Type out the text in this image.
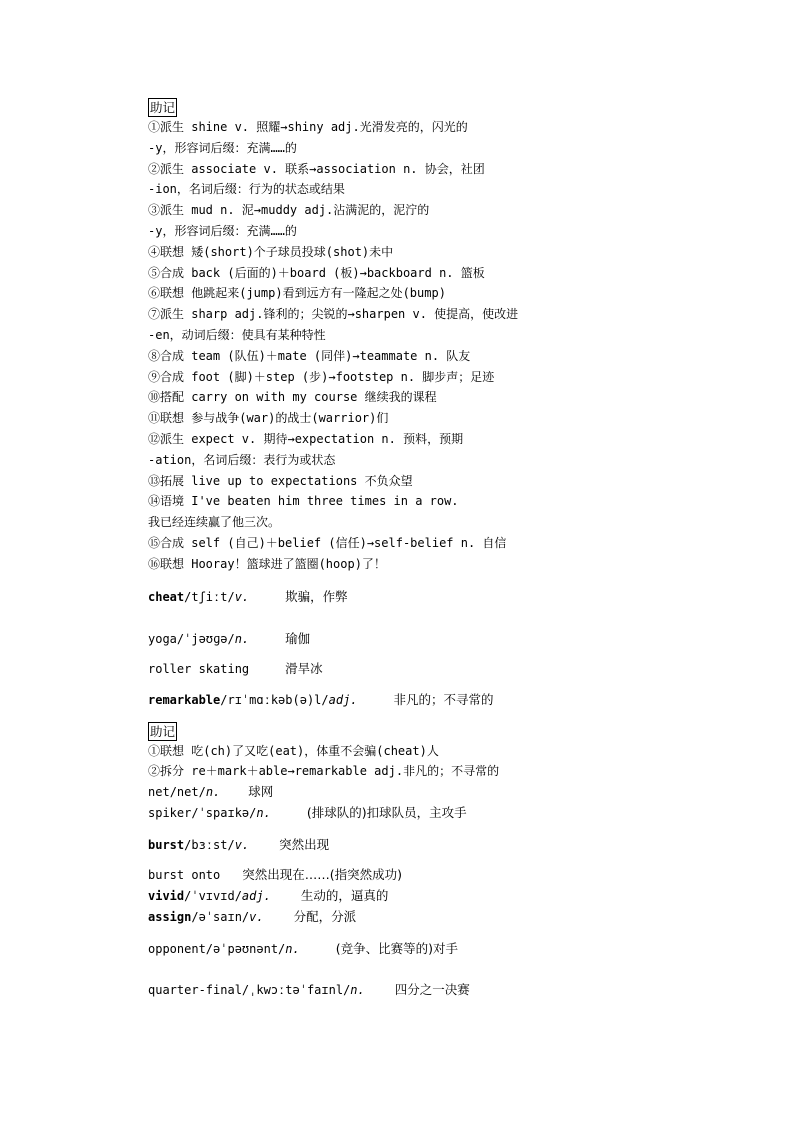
助记
①派生 shine v. 照耀→shiny adj.光滑发亮的，闪光的
-y，形容词后缀：充满……的
②派生 associate v. 联系→association n. 协会，社团
-ion，名词后缀：行为的状态或结果
③派生 mud n. 泥→muddy adj.沾满泥的，泥泞的
-y，形容词后缀：充满……的
④联想 矮(short)个子球员投球(shot)未中
⑤合成 back (后面的)＋board (板)→backboard n. 篮板
⑥联想 他跳起来(jump)看到远方有一隆起之处(bump)
⑦派生 sharp adj.锋利的；尖锐的→sharpen v. 使提高，使改进
-en，动词后缀：使具有某种特性
⑧合成 team (队伍)＋mate (同伴)→teammate n. 队友
⑨合成 foot (脚)＋step (步)→footstep n. 脚步声；足迹
⑩搭配 carry on with my course 继续我的课程
⑪联想 参与战争(war)的战士(warrior)们
⑫派生 expect v. 期待→expectation n. 预料，预期
-ation，名词后缀：表行为或状态
⑬拓展 live up to expectations 不负众望
⑭语境 I've beaten him three times in a row.
我已经连续赢了他三次。
⑮合成 self (自己)＋belief (信任)→self-belief n. 自信
⑯联想 Hooray！篮球进了篮圈(hoop)了！
cheat/tʃiːt/v.	欺骗，作弊
yoga/ˈjəʊɡə/n.	瑜伽
roller skating	滑旱冰
remarkable/rɪˈmɑːkəb(ə)l/adj.	非凡的；不寻常的
助记
①联想 吃(ch)了又吃(eat)，体重不会骗(cheat)人
②拆分 re＋mark＋able→remarkable adj.非凡的；不寻常的
net/net/n. 球网
spiker/ˈspaɪkə/n.	(排球队的)扣球队员，主攻手
burst/bɜːst/v. 突然出现
burst onto 突然出现在……(指突然成功)
vivid/ˈvɪvɪd/adj. 生动的，逼真的
assign/əˈsaɪn/v. 分配，分派
opponent/əˈpəʊnənt/n.	(竞争、比赛等的)对手
quarter-final/ˌkwɔːtəˈfaɪnl/n. 四分之一决赛
